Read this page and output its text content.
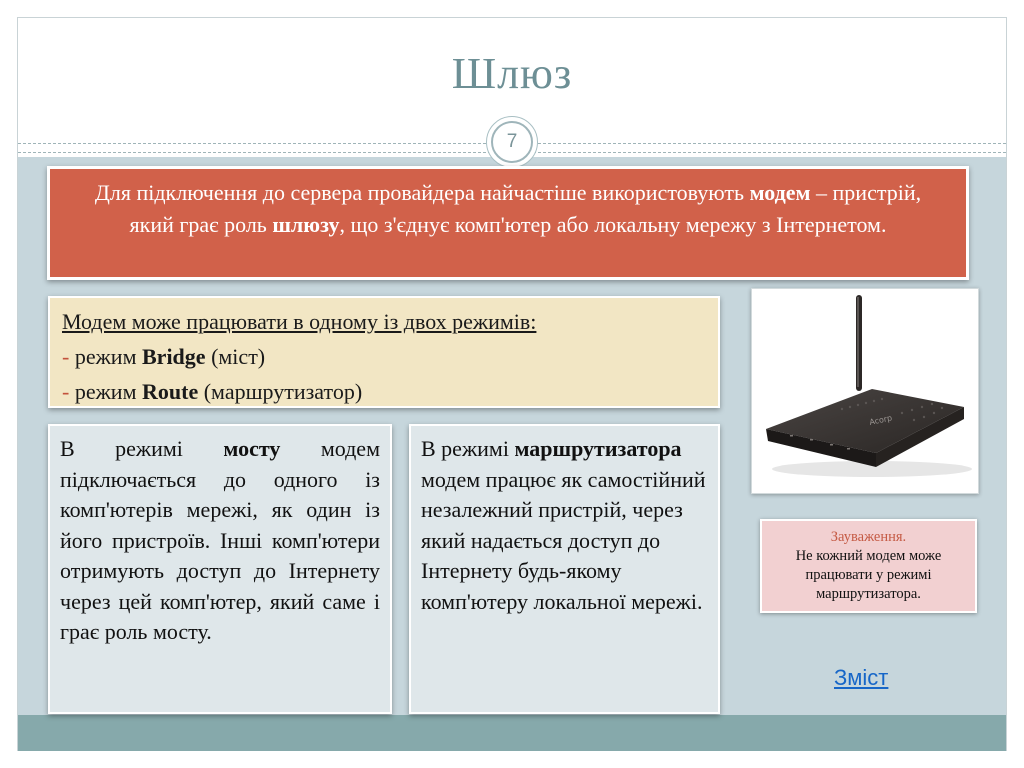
Шлюз
7
Для підключення до сервера провайдера найчастіше використовують модем – пристрій, який грає роль шлюзу, що з'єднує комп'ютер або локальну мережу з Інтернетом.
Модем може працювати в одному із двох режимів:
- режим Bridge (міст)
- режим Route (маршрутизатор)
В режимі мосту модем підключається до одного із комп'ютерів мережі, як один із його пристроїв. Інші комп'ютери отримують доступ до Інтернету через цей комп'ютер, який саме і грає роль мосту.
В режимі маршрутизатора модем працює як самостійний незалежний пристрій, через який надається доступ до Інтернету будь-якому комп'ютеру локальної мережі.
Acorp
Зауваження.
Не кожний модем може працювати у режимі маршрутизатора.
Зміст
